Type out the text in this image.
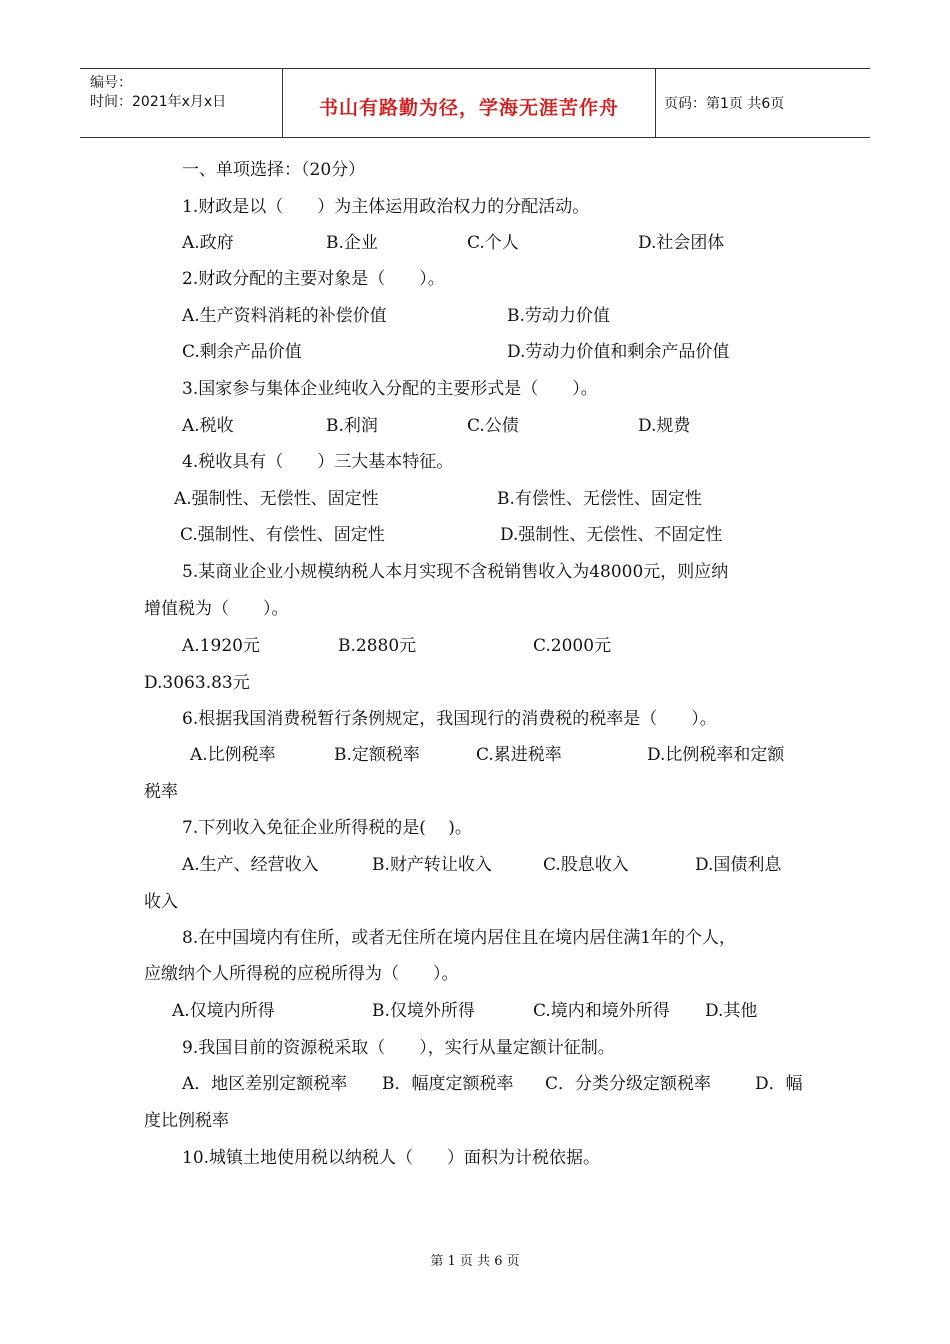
编号：
时间：2021年x月x日	书山有路勤为径，学海无涯苦作舟	页码：第1页 共6页
一、单项选择：（20分）
1.财政是以（　　）为主体运用政治权力的分配活动。
A.政府	B.企业	C.个人	D.社会团体
2.财政分配的主要对象是（　　）。
A.生产资料消耗的补偿价值	B.劳动力价值
C.剩余产品价值	D.劳动力价值和剩余产品价值
3.国家参与集体企业纯收入分配的主要形式是（　　）。
A.税收	B.利润	C.公债	D.规费
4.税收具有（　　）三大基本特征。
A.强制性、无偿性、固定性	B.有偿性、无偿性、固定性
C.强制性、有偿性、固定性	D.强制性、无偿性、不固定性
5.某商业企业小规模纳税人本月实现不含税销售收入为48000元，则应纳
增值税为（　　）。
A.1920元	B.2880元	C.2000元
D.3063.83元
6.根据我国消费税暂行条例规定，我国现行的消费税的税率是（　　）。
A.比例税率	B.定额税率	C.累进税率	D.比例税率和定额
税率
7.下列收入免征企业所得税的是(　 )。
A.生产、经营收入	B.财产转让收入	C.股息收入	D.国债利息
收入
8.在中国境内有住所，或者无住所在境内居住且在境内居住满1年的个人，
应缴纳个人所得税的应税所得为（　　）。
A.仅境内所得	B.仅境外所得	C.境内和境外所得 D.其他
9.我国目前的资源税采取（　　），实行从量定额计征制。
A．地区差别定额税率 B．幅度定额税率 C．分类分级定额税率	D．幅
度比例税率
10.城镇土地使用税以纳税人（　　）面积为计税依据。
第 1 页 共 6 页
